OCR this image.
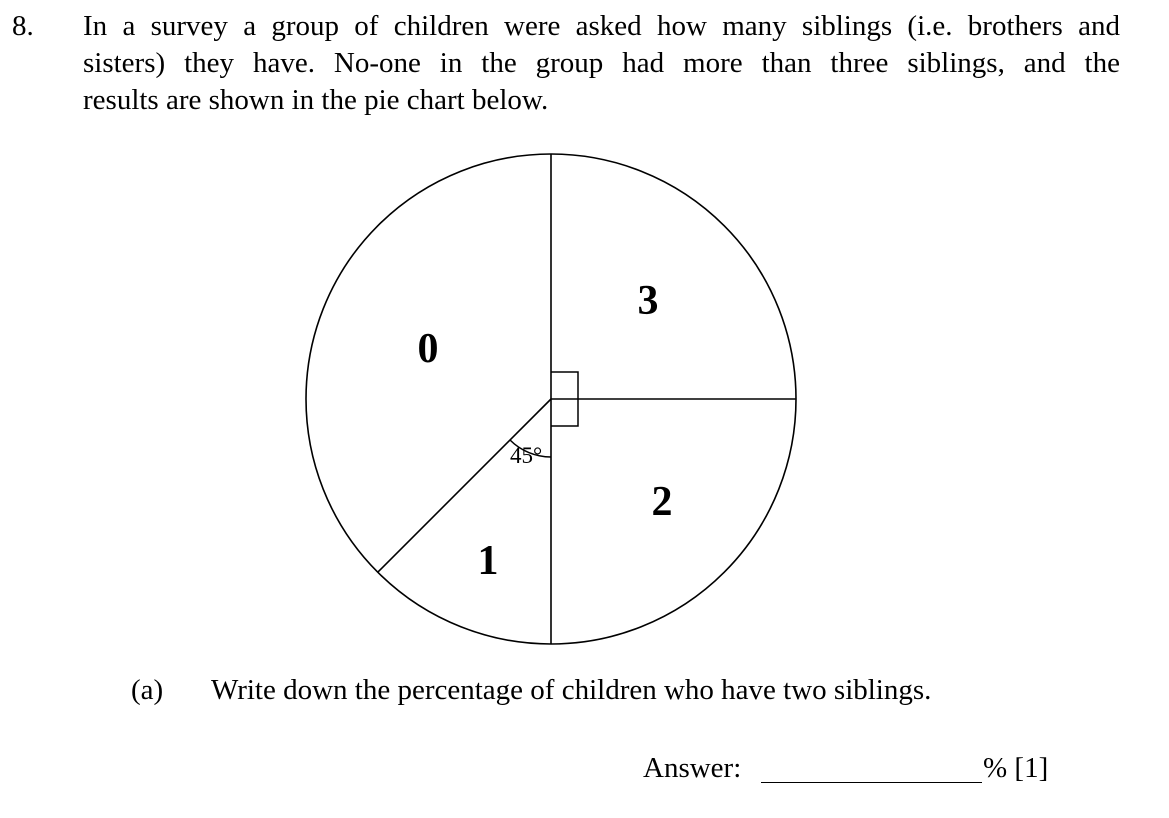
8. In a survey a group of children were asked how many siblings (i.e. brothers and
sisters) they have. No-one in the group had more than three siblings, and the
results are shown in the pie chart below.
0
1
2
3
45°
(a) Write down the percentage of children who have two siblings.
Answer:	% [1]
